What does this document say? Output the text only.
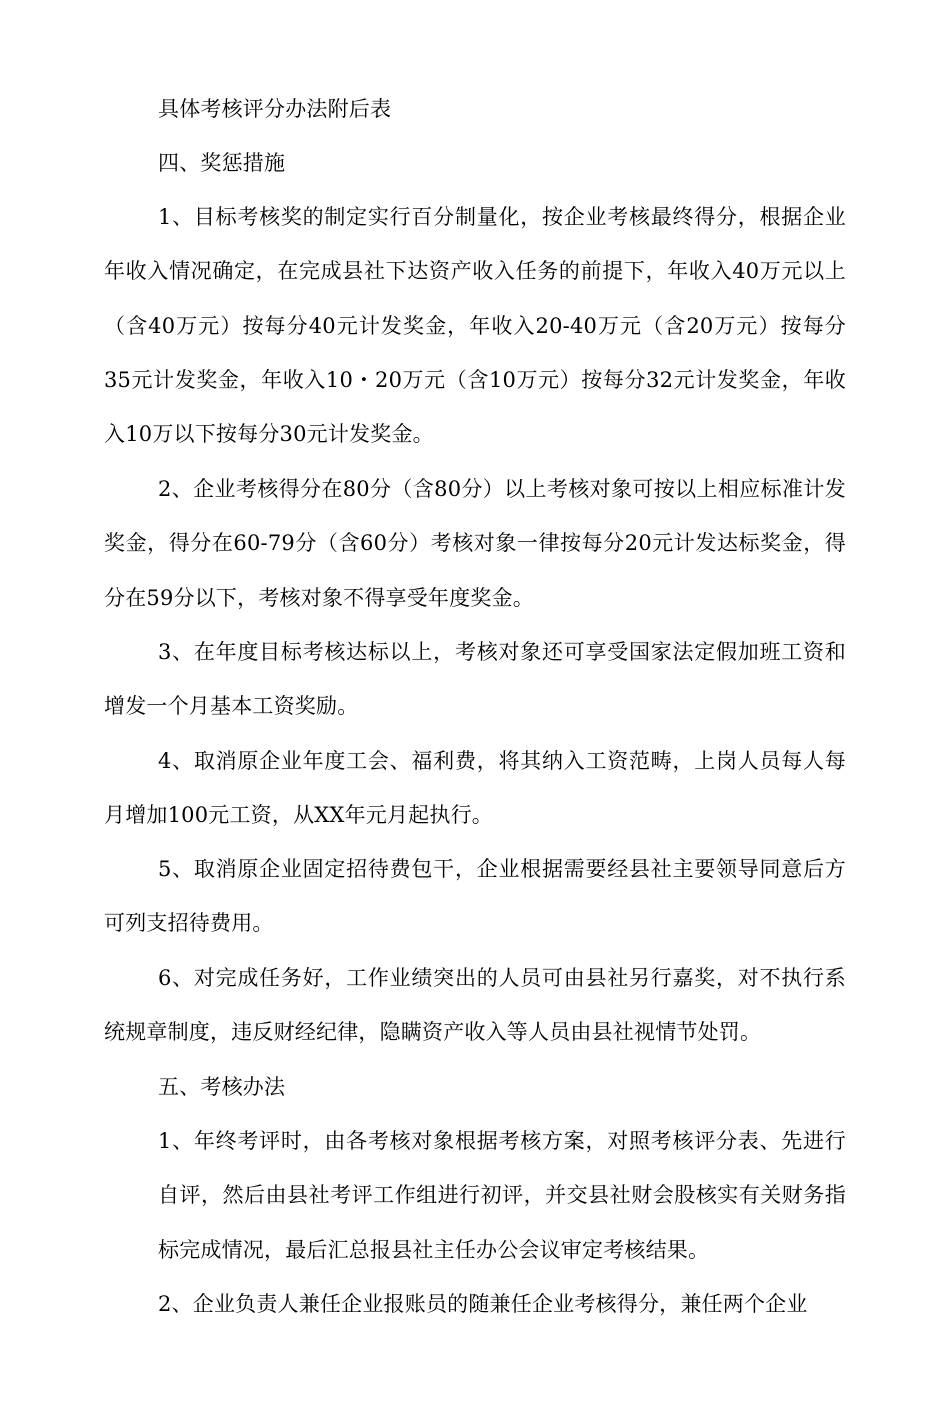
具体考核评分办法附后表

四、奖惩措施

1、目标考核奖的制定实行百分制量化，按企业考核最终得分，根据企业年收入情况确定，在完成县社下达资产收入任务的前提下，年收入40万元以上（含40万元）按每分40元计发奖金，年收入20-40万元（含20万元）按每分35元计发奖金，年收入10・20万元（含10万元）按每分32元计发奖金，年收入10万以下按每分30元计发奖金。

2、企业考核得分在80分（含80分）以上考核对象可按以上相应标准计发奖金，得分在60-79分（含60分）考核对象一律按每分20元计发达标奖金，得分在59分以下，考核对象不得享受年度奖金。

3、在年度目标考核达标以上，考核对象还可享受国家法定假加班工资和增发一个月基本工资奖励。

4、取消原企业年度工会、福利费，将其纳入工资范畴，上岗人员每人每月增加100元工资，从XX年元月起执行。

5、取消原企业固定招待费包干，企业根据需要经县社主要领导同意后方可列支招待费用。

6、对完成任务好，工作业绩突出的人员可由县社另行嘉奖，对不执行系统规章制度，违反财经纪律，隐瞒资产收入等人员由县社视情节处罚。

五、考核办法

1、年终考评时，由各考核对象根据考核方案，对照考核评分表、先进行自评，然后由县社考评工作组进行初评，并交县社财会股核实有关财务指标完成情况，最后汇总报县社主任办公会议审定考核结果。

2、企业负责人兼任企业报账员的随兼任企业考核得分，兼任两个企业
